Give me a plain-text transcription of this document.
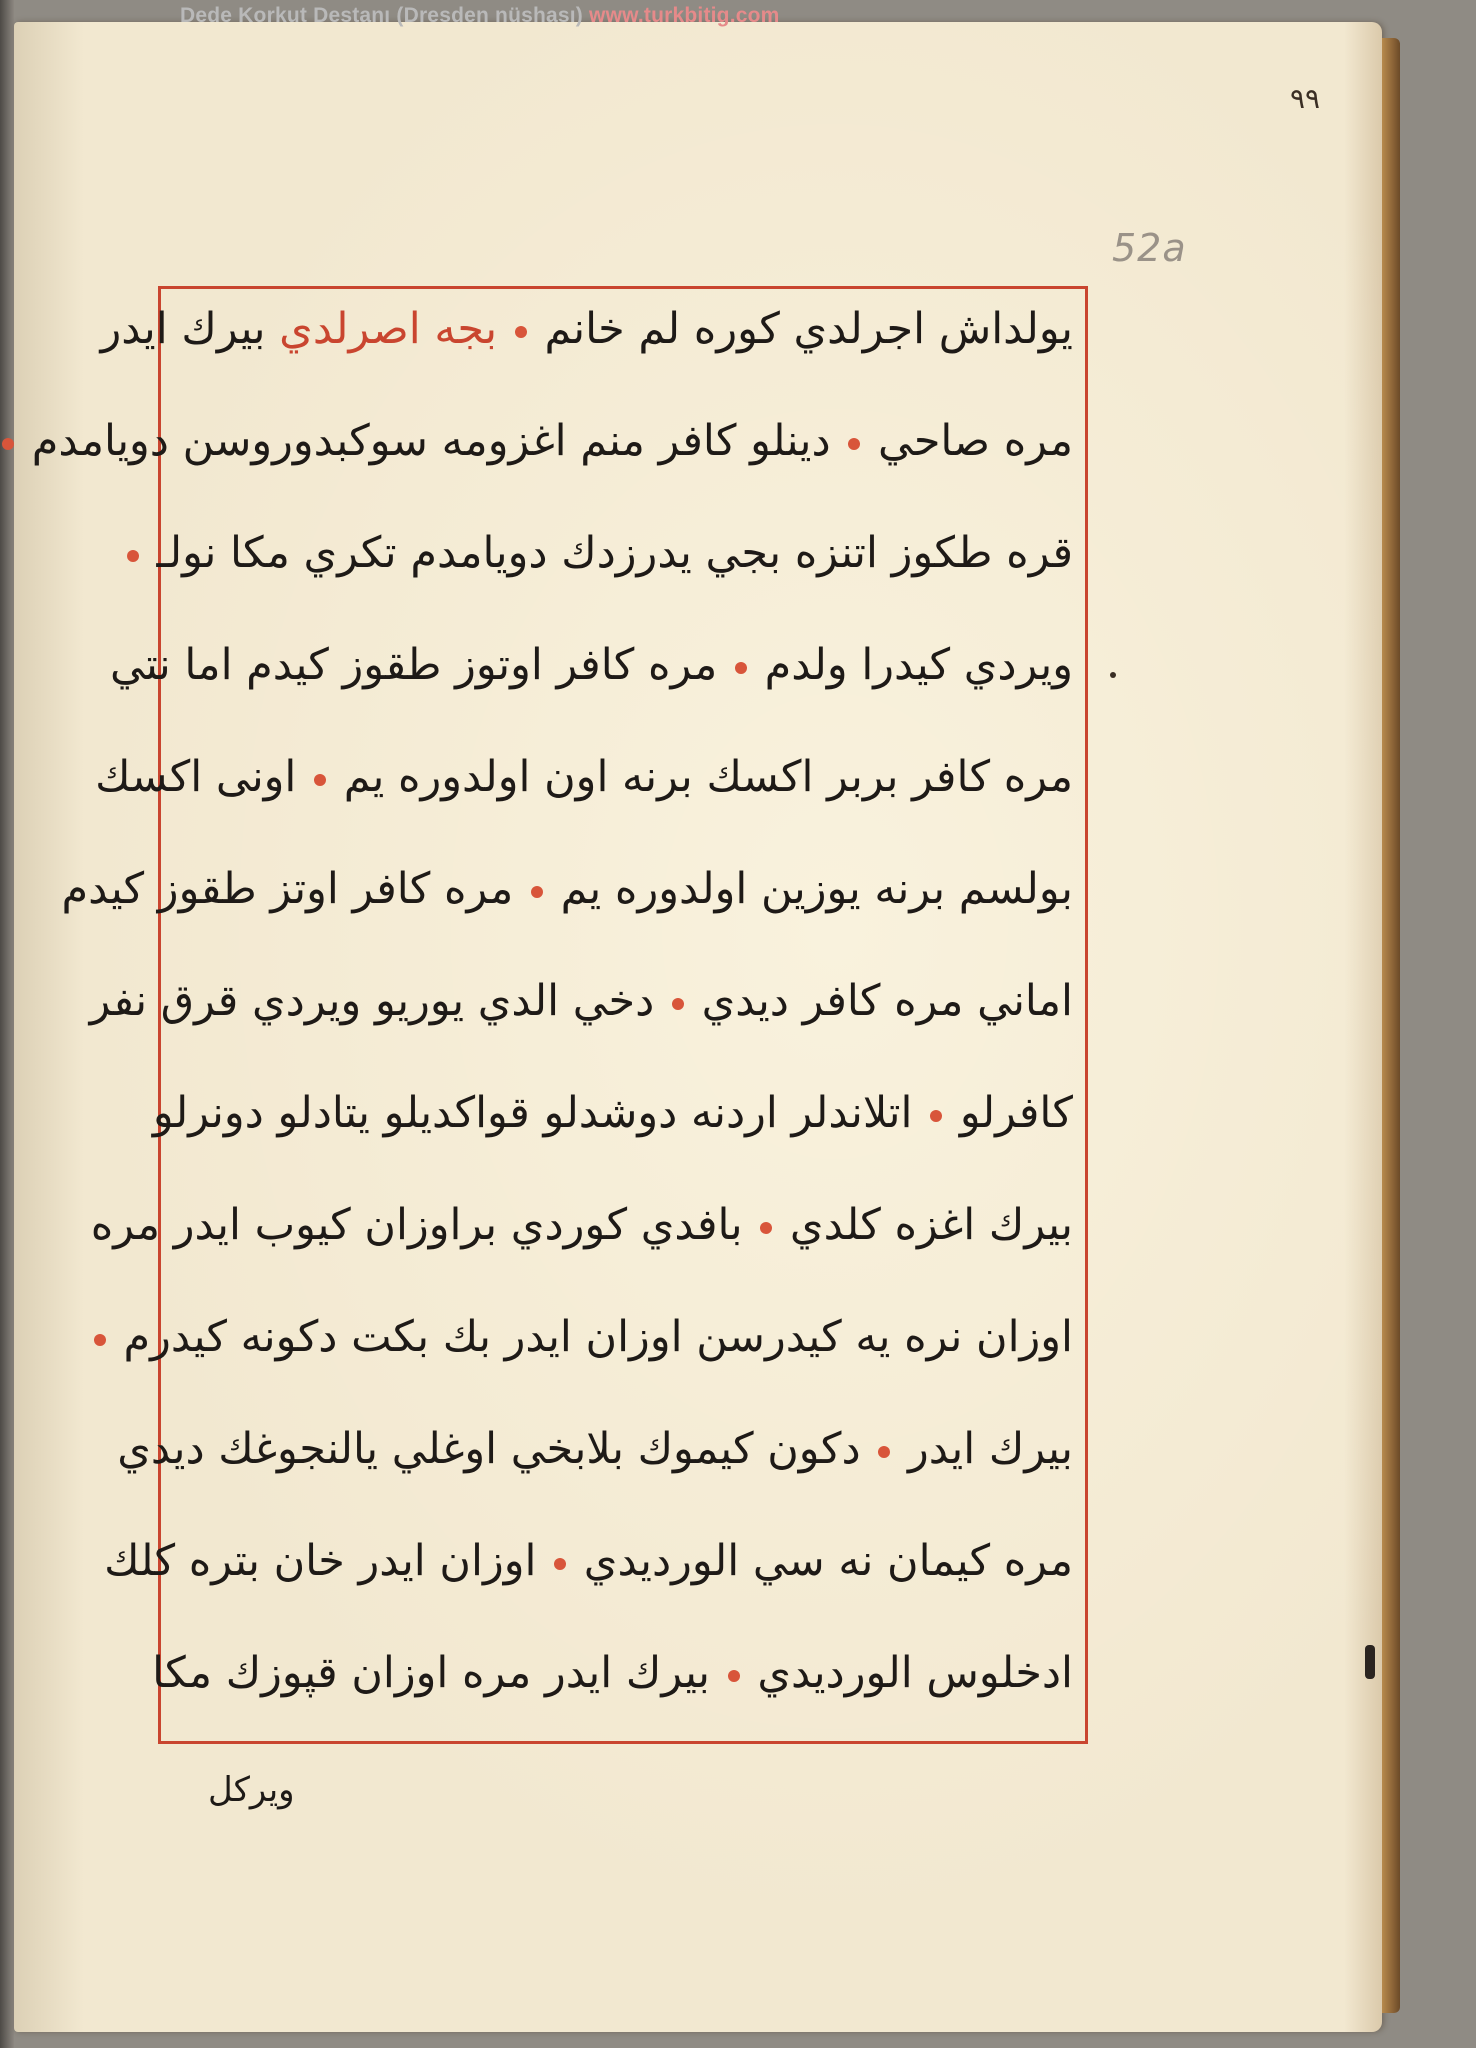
Dede Korkut Destanı (Dresden nüshası) www.turkbitig.com
٩٩
52a
یولداش اجرلدي کوره لم خانم  بجه اصرلدي بیرك ایدر
مره صاحي  دینلو کافر منم اغزومه سوکبدوروسن دویامدم
قره طکوز اتنزه بجي يدرزدك دویامدم تکري مکا نولـ
ویردي کیدرا ولدم  مره کافر اوتوز طقوز کیدم اما نتي
مره کافر بربر اکسك برنه اون اولدوره یم  اونی اکسك
بولسم برنه یوزین اولدوره یم  مره کافر اوتز طقوز کیدم
اماني مره کافر دیدي  دخي الدي یوریو ویردي قرق نفر
کافرلو  اتلاندلر اردنه دوشدلو قواکدیلو یتادلو دونرلو
بیرك اغزه کلدي  بافدي کوردي براوزان کیوب ایدر مره
اوزان نره یه کیدرسن اوزان ایدر بك بکت دکونه کیدرم
بیرك ایدر  دکون کیموك بلابخي اوغلي یالنجوغك دیدي
مره کیمان نه سي الوردیدي  اوزان ایدر خان بتره کلك
ادخلوس الوردیدي  بیرك ایدر مره اوزان قپوزك مکا
ویرکل
